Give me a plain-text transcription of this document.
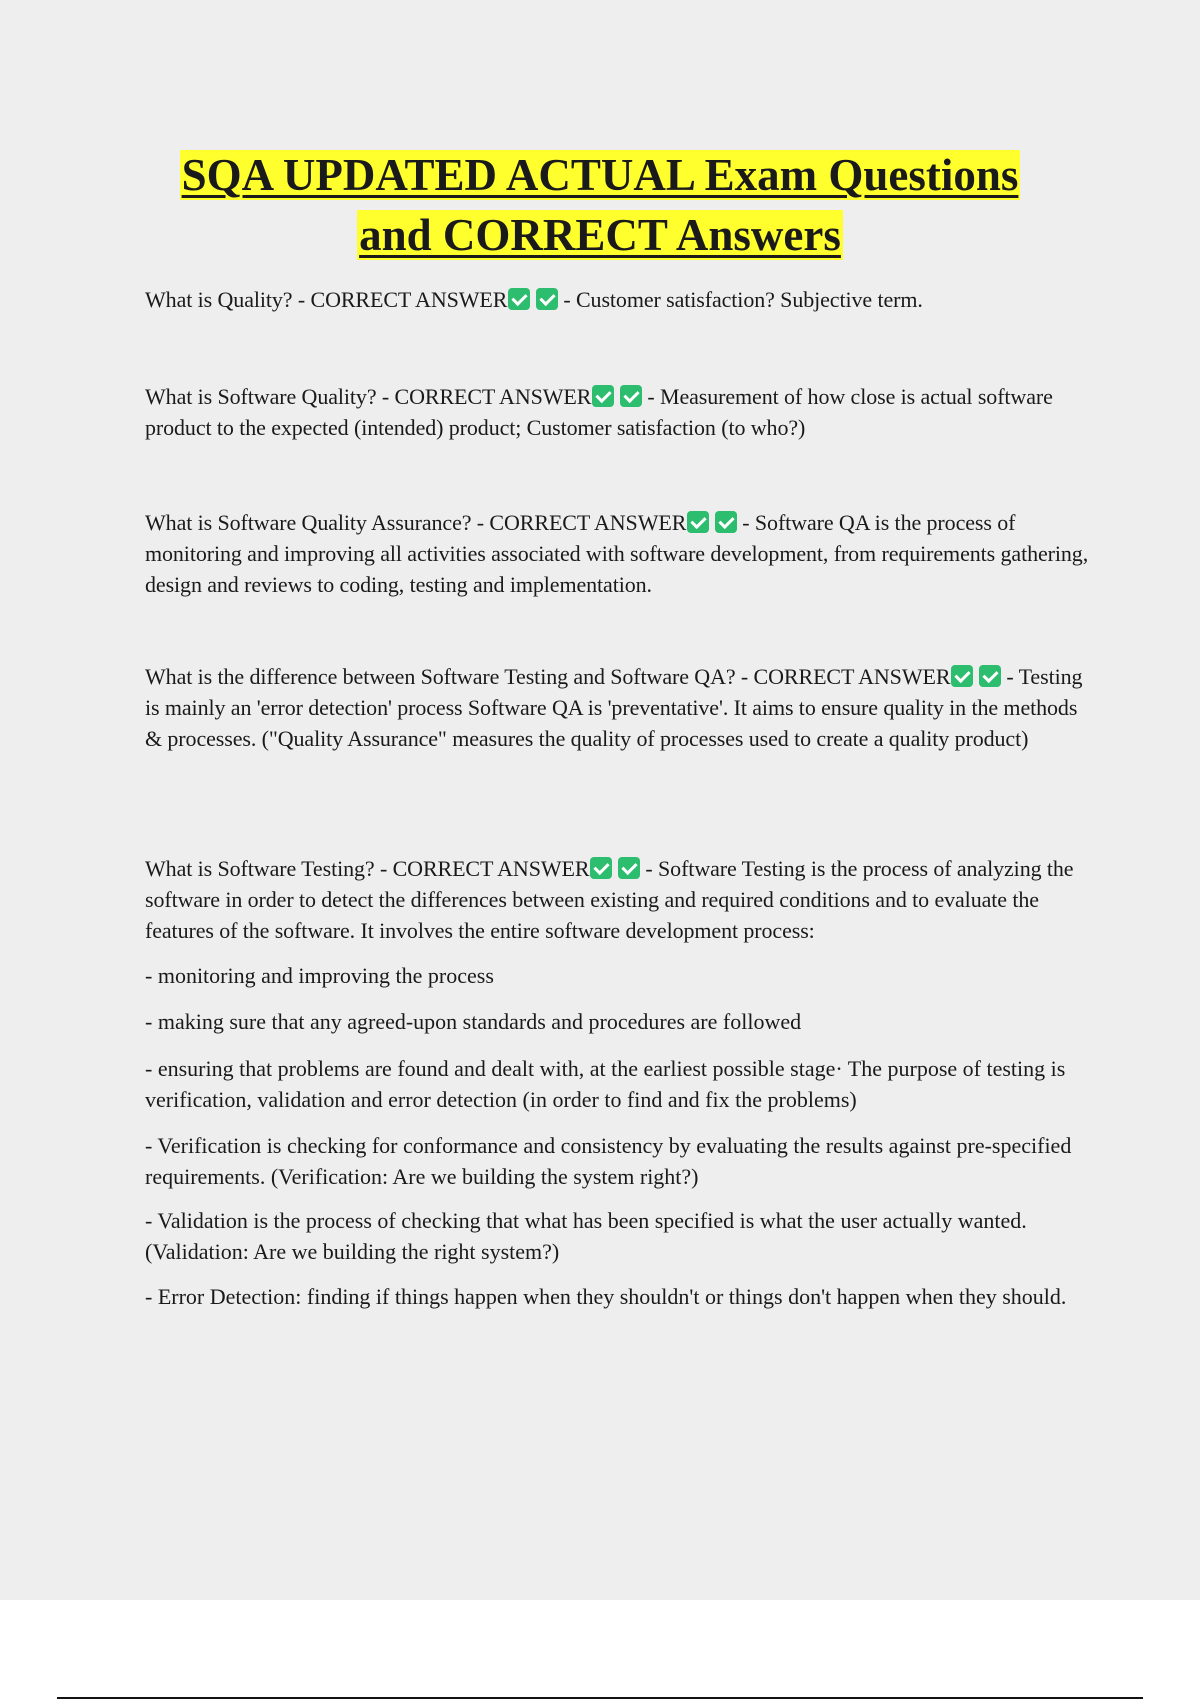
SQA UPDATED ACTUAL Exam Questions
and CORRECT Answers

What is Quality? - CORRECT ANSWER	- Customer satisfaction? Subjective term.

What is Software Quality? - CORRECT ANSWER	- Measurement of how close is actual software product to the expected (intended) product; Customer satisfaction (to who?)

What is Software Quality Assurance? - CORRECT ANSWER	- Software QA is the process of monitoring and improving all activities associated with software development, from requirements gathering, design and reviews to coding, testing and implementation.

What is the difference between Software Testing and Software QA? - CORRECT ANSWER	- Testing is mainly an 'error detection' process Software QA is 'preventative'. It aims to ensure quality in the methods & processes. ("Quality Assurance" measures the quality of processes used to create a quality product)

What is Software Testing? - CORRECT ANSWER	- Software Testing is the process of analyzing the software in order to detect the differences between existing and required conditions and to evaluate the features of the software. It involves the entire software development process:

- monitoring and improving the process

- making sure that any agreed-upon standards and procedures are followed

- ensuring that problems are found and dealt with, at the earliest possible stage· The purpose of testing is verification, validation and error detection (in order to find and fix the problems)

- Verification is checking for conformance and consistency by evaluating the results against pre-specified requirements. (Verification: Are we building the system right?)

- Validation is the process of checking that what has been specified is what the user actually wanted. (Validation: Are we building the right system?)

- Error Detection: finding if things happen when they shouldn't or things don't happen when they should.
